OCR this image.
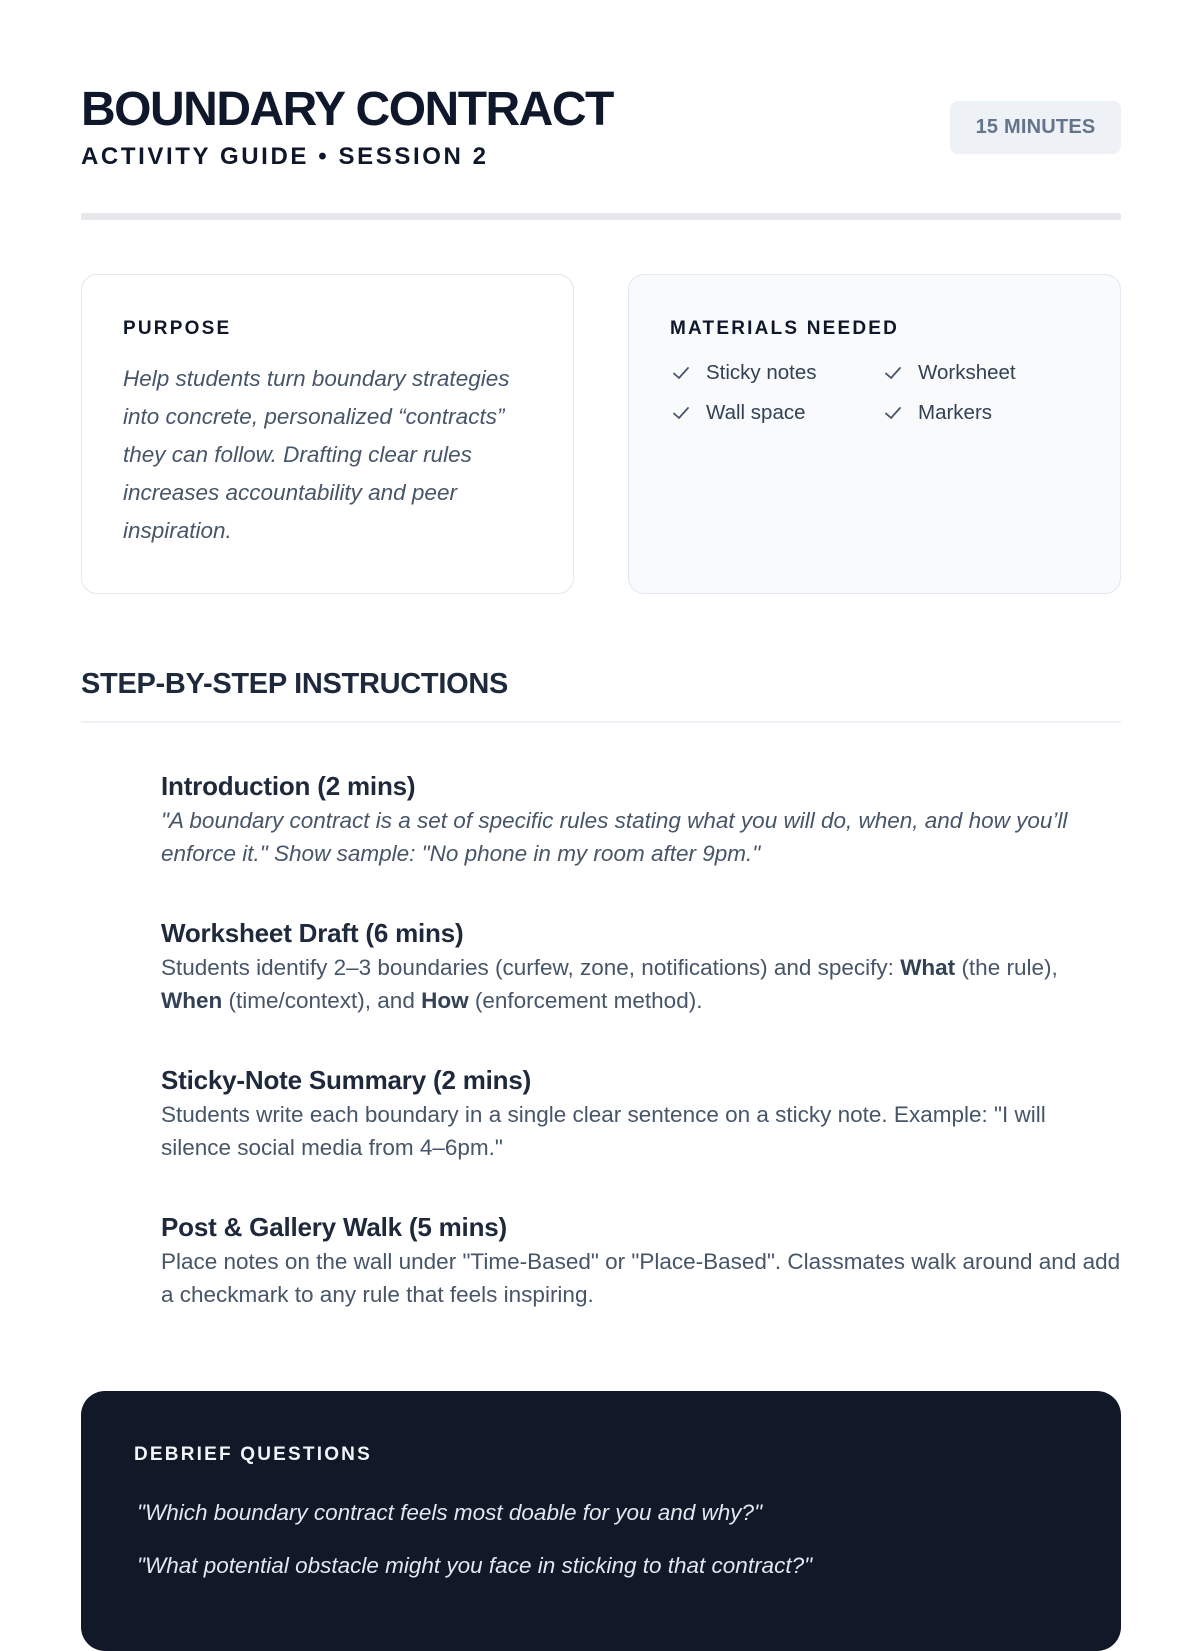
BOUNDARY CONTRACT
ACTIVITY GUIDE • SESSION 2
15 MINUTES
PURPOSE
Help students turn boundary strategies into concrete, personalized “contracts” they can follow. Drafting clear rules increases accountability and peer inspiration.
MATERIALS NEEDED
Sticky notes	Worksheet
Wall space	Markers
STEP-BY-STEP INSTRUCTIONS
Introduction (2 mins)
"A boundary contract is a set of specific rules stating what you will do, when, and how you’ll enforce it." Show sample: "No phone in my room after 9pm."
Worksheet Draft (6 mins)
Students identify 2–3 boundaries (curfew, zone, notifications) and specify: What (the rule), When (time/context), and How (enforcement method).
Sticky-Note Summary (2 mins)
Students write each boundary in a single clear sentence on a sticky note. Example: "I will silence social media from 4–6pm."
Post & Gallery Walk (5 mins)
Place notes on the wall under "Time-Based" or "Place-Based". Classmates walk around and add a checkmark to any rule that feels inspiring.
DEBRIEF QUESTIONS
"Which boundary contract feels most doable for you and why?"
"What potential obstacle might you face in sticking to that contract?"
